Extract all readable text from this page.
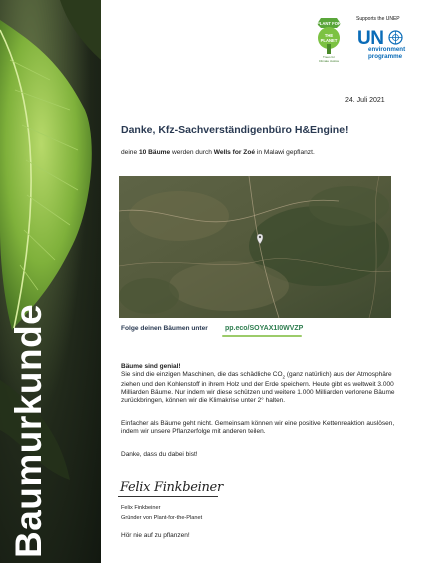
Baumurkunde
PLANT FOR
THE
PLANET
Trees for
Climate Justice
Supports the UNEP
UN
environment
programme
24. Juli 2021
Danke, Kfz-Sachverständigenbüro H&Engine!
deine 10 Bäume werden durch Wells for Zoé in Malawi gepflanzt.
Folge deinen Bäumen unter pp.eco/SOYAX1I0WVZP
Bäume sind genial!
Sie sind die einzigen Maschinen, die das schädliche $CO_2$ (ganz natürlich) aus der Atmosphäre ziehen und den Kohlenstoff in ihrem Holz und der Erde speichern. Heute gibt es weltweit 3.000 Milliarden Bäume. Nur indem wir diese schützen und weitere 1.000 Milliarden verlorene Bäume zurückbringen, können wir die Klimakrise unter 2° halten.
Einfacher als Bäume geht nicht. Gemeinsam können wir eine positive Kettenreaktion auslösen, indem wir unsere Pflanzerfolge mit anderen teilen.
Danke, dass du dabei bist!
Felix Finkbeiner
Felix Finkbeiner
Gründer von Plant-for-the-Planet
Hör nie auf zu pflanzen!
